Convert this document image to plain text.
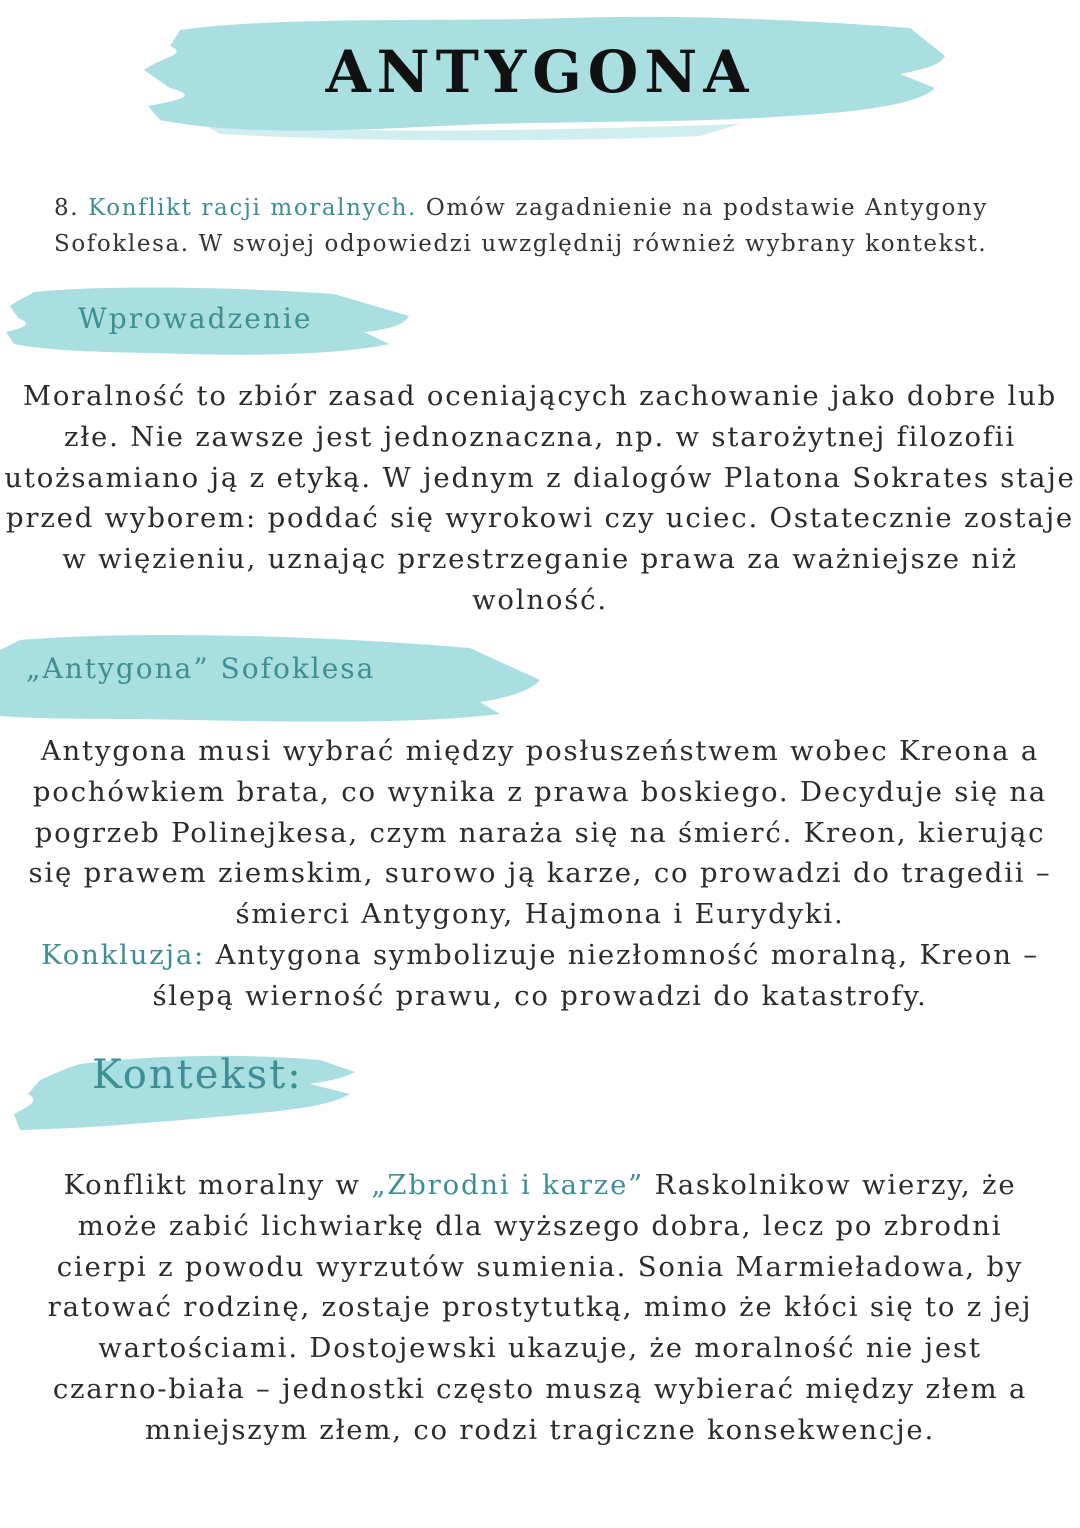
ANTYGONA

8. Konflikt racji moralnych. Omów zagadnienie na podstawie Antygony
Sofoklesa. W swojej odpowiedzi uwzględnij również wybrany kontekst.

Wprowadzenie
Moralność to zbiór zasad oceniających zachowanie jako dobre lub
złe. Nie zawsze jest jednoznaczna, np. w starożytnej filozofii
utożsamiano ją z etyką. W jednym z dialogów Platona Sokrates staje
przed wyborem: poddać się wyrokowi czy uciec. Ostatecznie zostaje
w więzieniu, uznając przestrzeganie prawa za ważniejsze niż
wolność.
„Antygona” Sofoklesa
Antygona musi wybrać między posłuszeństwem wobec Kreona a
pochówkiem brata, co wynika z prawa boskiego. Decyduje się na
pogrzeb Polinejkesa, czym naraża się na śmierć. Kreon, kierując
się prawem ziemskim, surowo ją karze, co prowadzi do tragedii –
śmierci Antygony, Hajmona i Eurydyki.
Konkluzja: Antygona symbolizuje niezłomność moralną, Kreon –
ślepą wierność prawu, co prowadzi do katastrofy.
Kontekst:
Konflikt moralny w „Zbrodni i karze” Raskolnikow wierzy, że
może zabić lichwiarkę dla wyższego dobra, lecz po zbrodni
cierpi z powodu wyrzutów sumienia. Sonia Marmieładowa, by
ratować rodzinę, zostaje prostytutką, mimo że kłóci się to z jej
wartościami. Dostojewski ukazuje, że moralność nie jest
czarno-biała – jednostki często muszą wybierać między złem a
mniejszym złem, co rodzi tragiczne konsekwencje.
